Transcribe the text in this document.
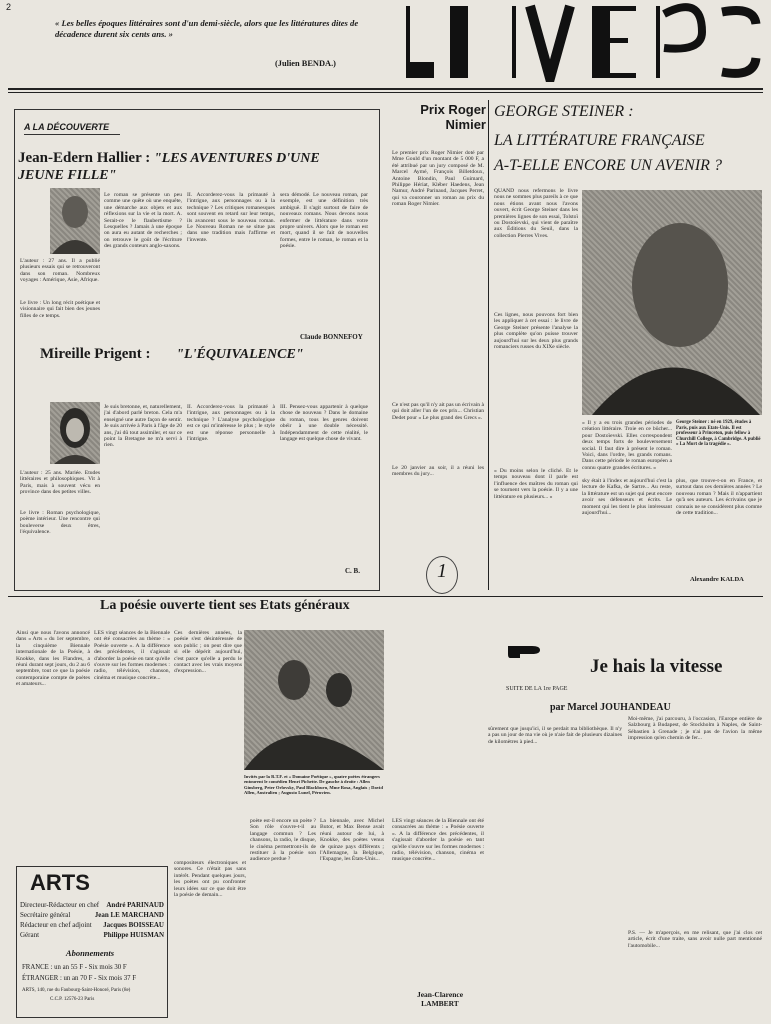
2
« Les belles époques littéraires sont d'un demi-siècle, alors que les littératures dites de décadence durent six cents ans. »
(Julien BENDA.)
A LA DÉCOUVERTE
Jean-Edern Hallier : "LES AVENTURES D'UNE JEUNE FILLE"
L'auteur : 27 ans. Il a publié plusieurs essais qui se retrouveront dans son roman. Nombreux voyages : Amérique, Asie, Afrique.
Le livre : Un long récit poétique et visionnaire qui fait bien des jeunes filles de ce temps.
Le roman se présente un peu comme une quête où une enquête, une démarche aux objets et aux réflexions sur la vie et la mort. A. Serait-ce le flaubertisme ? Lesquelles ? Jamais à une époque on aura eu autant de recherches ; on retrouve le goût de l'écriture des grands conteurs anglo-saxons.
II. Accorderez-vous la primauté à l'intrigue, aux personnages ou à la technique ? Les critiques romanesques sont souvent en retard sur leur temps, ils avancent sous le nouveau roman. Le Nouveau Roman ne se situe pas dans une tradition mais l'affirme et l'invente.
sera démodé. Le nouveau roman, par exemple, est une définition très ambiguë. Il s'agit surtout de faire de nouveaux romans. Nous devons nous enfermer de littérature dans votre propre univers. Alors que le roman est mort, quand il se fait de nouvelles formes, entre le roman, le roman et la poésie.
Claude BONNEFOY
Mireille Prigent : "L'ÉQUIVALENCE"
L'auteur : 25 ans. Mariée. Etudes littéraires et philosophiques. Vit à Paris, mais à souvent vécu en province dans des petites villes.
Le livre : Roman psychologique, poème intérieur. Une rencontre qui bouleverse deux êtres, l'équivalence.
Je suis bretonne, et, naturellement, j'ai d'abord parlé breton. Cela m'a enseigné une autre façon de sentir. Je suis arrivée à Paris à l'âge de 20 ans, j'ai dû tout assimiler, et sur ce point la Bretagne ne m'a servi à rien.
II. Accorderez-vous la primauté à l'intrigue, aux personnages ou à la technique ? L'analyse psychologique est ce qui m'intéresse le plus ; le style est une réponse personnelle à l'intrigue.
III. Pensez-vous appartenir à quelque chose de nouveau ? Dans le domaine du roman, tous les genres doivent obéir à une double nécessité. Indépendamment de cette réalité, le langage est quelque chose de vivant.
C. B.
Prix Roger Nimier
Le premier prix Roger Nimier doté par Mme Gould d'un montant de 5 000 F, a été attribué par un jury composé de M. Marcel Aymé, François Billetdoux, Antoine Blondin, Paul Guimard, Philippe Hériat, Kléber Haedens, Jean Namur, André Parinaud, Jacques Perret, qui va couronner un roman au prix du roman Roger Nimier.
Ce n'est pas qu'il n'y ait pas un écrivain à qui doit aller l'un de ces prix... Christian Dedet pour « Le plus grand des Grecs ».
Le 20 janvier au soir, il a réuni les membres du jury...
1
GEORGE STEINER :
LA LITTÉRATURE FRANÇAISE
A-T-ELLE ENCORE UN AVENIR ?
QUAND nous refermons le livre nous ne sommes plus pareils à ce que nous étions avant nous l'avons ouvert, écrit George Steiner dans les premières lignes de son essai, Tolstoï ou Dostoïevski, qui vient de paraître aux Éditions du Seuil, dans la collection Pierres Vives.
Ces lignes, nous pouvons fort bien les appliquer à cet essai : le livre de George Steiner présente l'analyse la plus complète qu'on puisse trouver aujourd'hui sur les deux plus grands romanciers russes du XIXe siècle.
« Il y a eu trois grandes périodes de création littéraire. Troie en ce bûcher... pour Dostoïevski. Elles correspondent deux temps forts de bouleversement social. Il faut dire à présent le roman. Voici, dans l'ordre, les grands romans. Dans cette période le roman européen a connu quatre grandes écritures. »
« Du moins selon le cliché. Et le temps nouveau dont il parle est l'influence des maîtres du roman qui se tournent vers la poésie. Il y a une littérature en plusieurs... »
sky était à l'index et aujourd'hui c'est la lecture de Kafka, de Sartre... Au reste, la littérature est un sujet qui peut encore avoir ses défenseurs et écrits. Le moment qui les tient le plus intéressant aujourd'hui...
plus, que trouve-t-on en France, et surtout dans ces dernières années ? Le nouveau roman ? Mais il n'appartient qu'à ses auteurs. Les écrivains que je connais ne se considèrent plus comme de cette tradition...
George Steiner : né en 1929, études à Paris, puis aux Etats-Unis. Il est professeur à Princeton, puis fellow à Churchill College, à Cambridge. A publié « La Mort de la tragédie ».
Alexandre KALDA
La poésie ouverte tient ses Etats généraux
Ainsi que nous l'avons annoncé dans « Arts » du 1er septembre, la cinquième Biennale internationale de la Poésie, à Knokke, dans les Flandres, a réuni durant sept jours, du 2 au 6 septembre, tout ce que la poésie contemporaine compte de poètes et amateurs...
LES vingt séances de la Biennale ont été consacrées au thème : « Poésie ouverte ». A la différence des précédentes, il s'agissait d'aborder la poésie en tant qu'elle s'ouvre sur les formes modernes : radio, télévision, chanson, cinéma et musique concrète...
Ces dernières années, la poésie s'est désintéressée de son public ; on peut dire que si elle dépérit aujourd'hui, c'est parce qu'elle a perdu le contact avec les vrais moyens d'expression...
Invités par la R.T.F. et « Domaine Poétique », quatre poètes étrangers entourent le comédien Henri Pichette. De gauche à droite : Allen Ginsberg, Peter Orlovsky, Paul Blackburn, Mme Rosa, Anglais ; David Allen, Australien ; Augusto Lunel, Péruvien.
compositeurs électroniques et sonores. Ce n'était pas sans intérêt. Pendant quelques jours, les poètes ont pu confronter leurs idées sur ce que doit être la poésie de demain...
poète est-il encore un poète ? Son rôle s'ouvre-t-il au langage commun ? Les chansons, la radio, le disque, le cinéma permettront-ils de restituer à la poésie son audience perdue ?
La biennale, avec Michel Butor, et Max Bense avait réuni autour de lui, à Knokke, des poètes venus de quinze pays différents ; l'Allemagne, la Belgique, l'Espagne, les États-Unis...
LES vingt séances de la Biennale ont été consacrées au thème : « Poésie ouverte ». A la différence des précédentes, il s'agissait d'aborder la poésie en tant qu'elle s'ouvre sur les formes modernes : radio, télévision, chanson, cinéma et musique concrète...
Jean-Clarence LAMBERT
ARTS
Directeur-Rédacteur en chef André PARINAUD
Secrétaire général	Jean LE MARCHAND
Rédacteur en chef adjoint Jacques BOISSEAU
Gérant	Philippe HUISMAN
Abonnements
FRANCE : un an 55 F - Six mois 30 F
ÉTRANGER : un an 70 F - Six mois 37 F
ARTS, 140, rue du Faubourg-Saint-Honoré, Paris (8e)
C.C.P. 12576-23 Paris
Je hais la vitesse
SUITE DE LA 1re PAGE
par Marcel JOUHANDEAU
sûrement que jusqu'ici, il se perdait ma bibliothèque. Il n'y a pas un jour de ma vie où je n'aie fait de plusieurs dizaines de kilomètres à pied...
Moi-même, j'ai parcouru, à l'occasion, l'Europe entière de Salzbourg à Budapest, de Stockholm à Naples, de Saint-Sébastien à Grenade ; je n'ai pas de l'avion la même impression qu'en chemin de fer...
P.S. — Je m'aperçois, en me relisant, que j'ai clos cet article, écrit d'une traite, sans avoir nulle part mentionné l'automobile...
